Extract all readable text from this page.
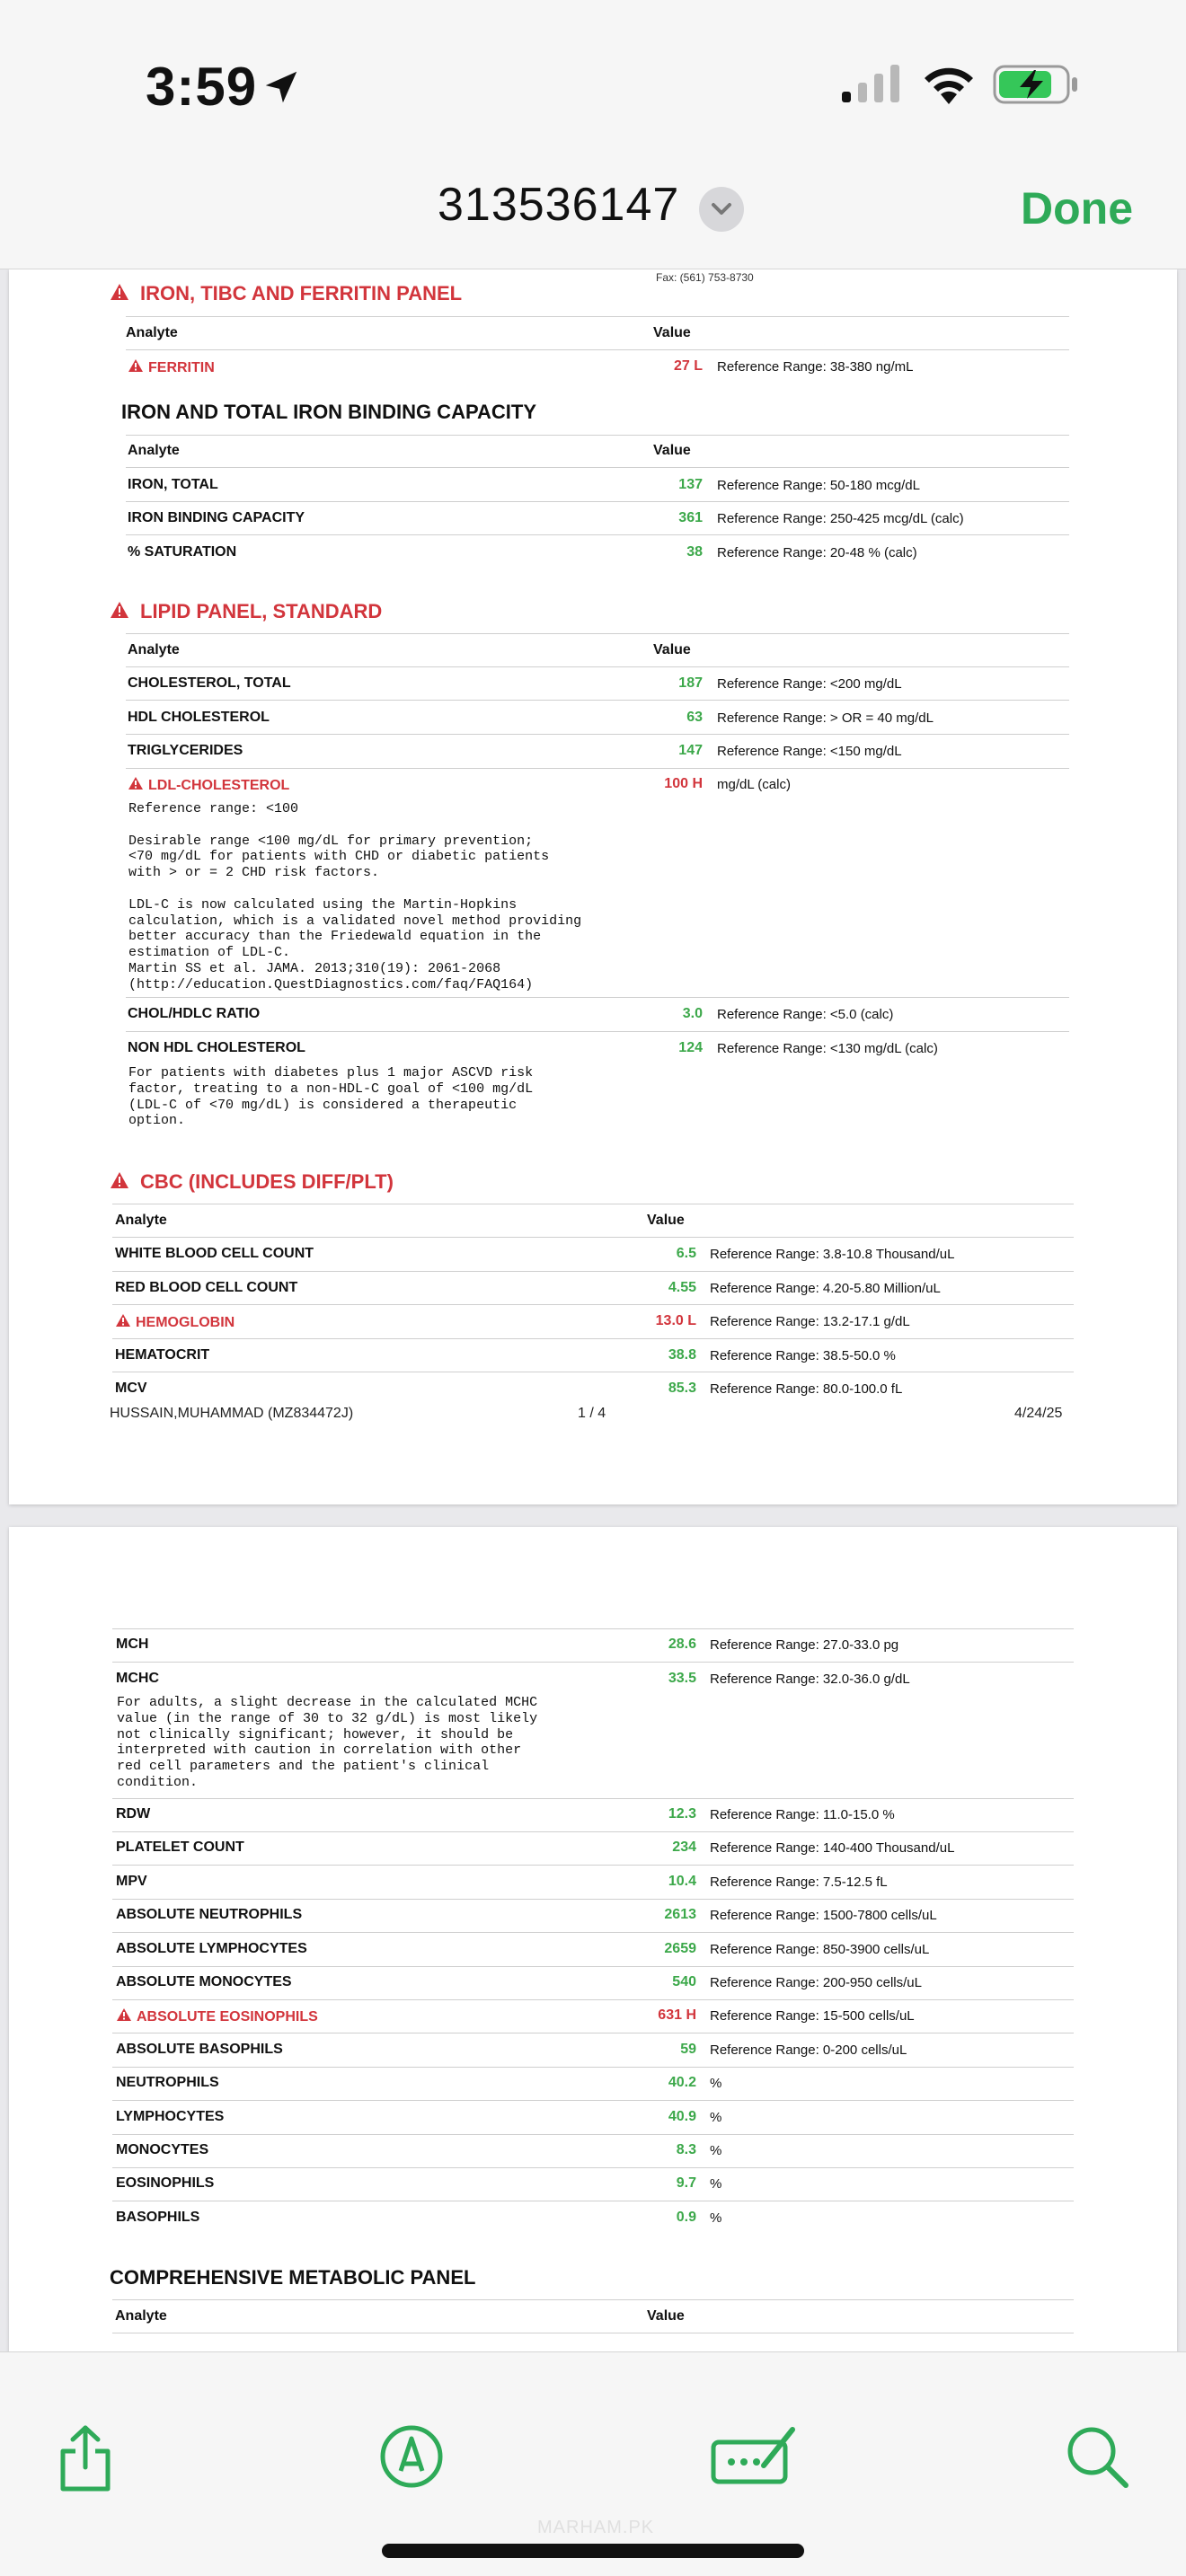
3:59
313536147	Done
Fax: (561) 753-8730
IRON, TIBC AND FERRITIN PANEL
Analyte	Value
FERRITIN	27 L Reference Range: 38-380 ng/mL
IRON AND TOTAL IRON BINDING CAPACITY
Analyte	Value
IRON, TOTAL	137 Reference Range: 50-180 mcg/dL
IRON BINDING CAPACITY	361 Reference Range: 250-425 mcg/dL (calc)
% SATURATION	38 Reference Range: 20-48 % (calc)
LIPID PANEL, STANDARD
Analyte	Value
CHOLESTEROL, TOTAL	187 Reference Range: <200 mg/dL
HDL CHOLESTEROL	63 Reference Range: > OR = 40 mg/dL
TRIGLYCERIDES	147 Reference Range: <150 mg/dL
LDL-CHOLESTEROL	100 H mg/dL (calc)
Reference range: <100

Desirable range <100 mg/dL for primary prevention;
<70 mg/dL for patients with CHD or diabetic patients
with > or = 2 CHD risk factors.

LDL-C is now calculated using the Martin-Hopkins
calculation, which is a validated novel method providing
better accuracy than the Friedewald equation in the
estimation of LDL-C.
Martin SS et al. JAMA. 2013;310(19): 2061-2068
(http://education.QuestDiagnostics.com/faq/FAQ164)
CHOL/HDLC RATIO	3.0 Reference Range: <5.0 (calc)
NON HDL CHOLESTEROL	124 Reference Range: <130 mg/dL (calc)
For patients with diabetes plus 1 major ASCVD risk
factor, treating to a non-HDL-C goal of <100 mg/dL
(LDL-C of <70 mg/dL) is considered a therapeutic
option.
CBC (INCLUDES DIFF/PLT)
Analyte	Value
WHITE BLOOD CELL COUNT	6.5 Reference Range: 3.8-10.8 Thousand/uL
RED BLOOD CELL COUNT	4.55 Reference Range: 4.20-5.80 Million/uL
HEMOGLOBIN	13.0 L Reference Range: 13.2-17.1 g/dL
HEMATOCRIT	38.8 Reference Range: 38.5-50.0 %
MCV	85.3 Reference Range: 80.0-100.0 fL
HUSSAIN,MUHAMMAD (MZ834472J)	1 / 4	4/24/25
MCH	28.6 Reference Range: 27.0-33.0 pg
MCHC	33.5 Reference Range: 32.0-36.0 g/dL
For adults, a slight decrease in the calculated MCHC
value (in the range of 30 to 32 g/dL) is most likely
not clinically significant; however, it should be
interpreted with caution in correlation with other
red cell parameters and the patient's clinical
condition.
RDW	12.3 Reference Range: 11.0-15.0 %
PLATELET COUNT	234 Reference Range: 140-400 Thousand/uL
MPV	10.4 Reference Range: 7.5-12.5 fL
ABSOLUTE NEUTROPHILS	2613 Reference Range: 1500-7800 cells/uL
ABSOLUTE LYMPHOCYTES	2659 Reference Range: 850-3900 cells/uL
ABSOLUTE MONOCYTES	540 Reference Range: 200-950 cells/uL
ABSOLUTE EOSINOPHILS	631 H Reference Range: 15-500 cells/uL
ABSOLUTE BASOPHILS	59 Reference Range: 0-200 cells/uL
NEUTROPHILS	40.2 %
LYMPHOCYTES	40.9 %
MONOCYTES	8.3 %
EOSINOPHILS	9.7 %
BASOPHILS	0.9 %
COMPREHENSIVE METABOLIC PANEL
Analyte	Value
MARHAM.PK
